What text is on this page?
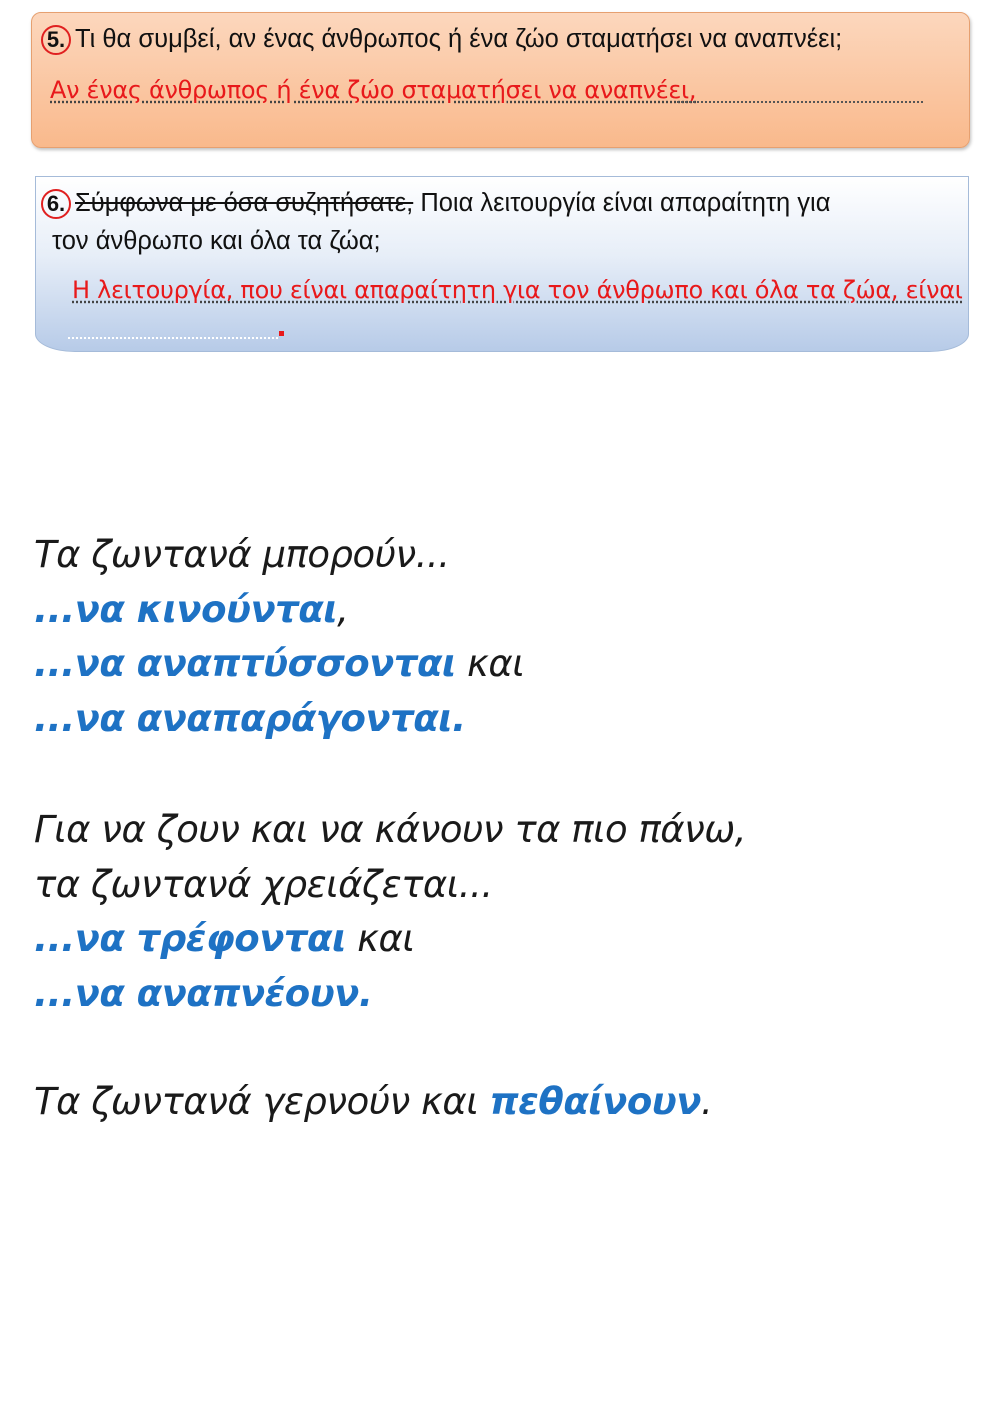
5. Τι θα συμβεί, αν ένας άνθρωπος ή ένα ζώο σταματήσει να αναπνέει;
Αν ένας άνθρωπος ή ένα ζώο σταματήσει να αναπνέει,
6. Σύμφωνα με όσα συζητήσατε, Ποια λειτουργία είναι απαραίτητη για
τον άνθρωπο και όλα τα ζώα;
Η λειτουργία, που είναι απαραίτητη για τον άνθρωπο και όλα τα ζώα, είναι
Τα ζωντανά μπορούν...
...να κινούνται,
...να αναπτύσσονται και
...να αναπαράγονται.
Για να ζουν και να κάνουν τα πιο πάνω,
τα ζωντανά χρειάζεται...
...να τρέφονται και
...να αναπνέουν.
Τα ζωντανά γερνούν και πεθαίνουν.
